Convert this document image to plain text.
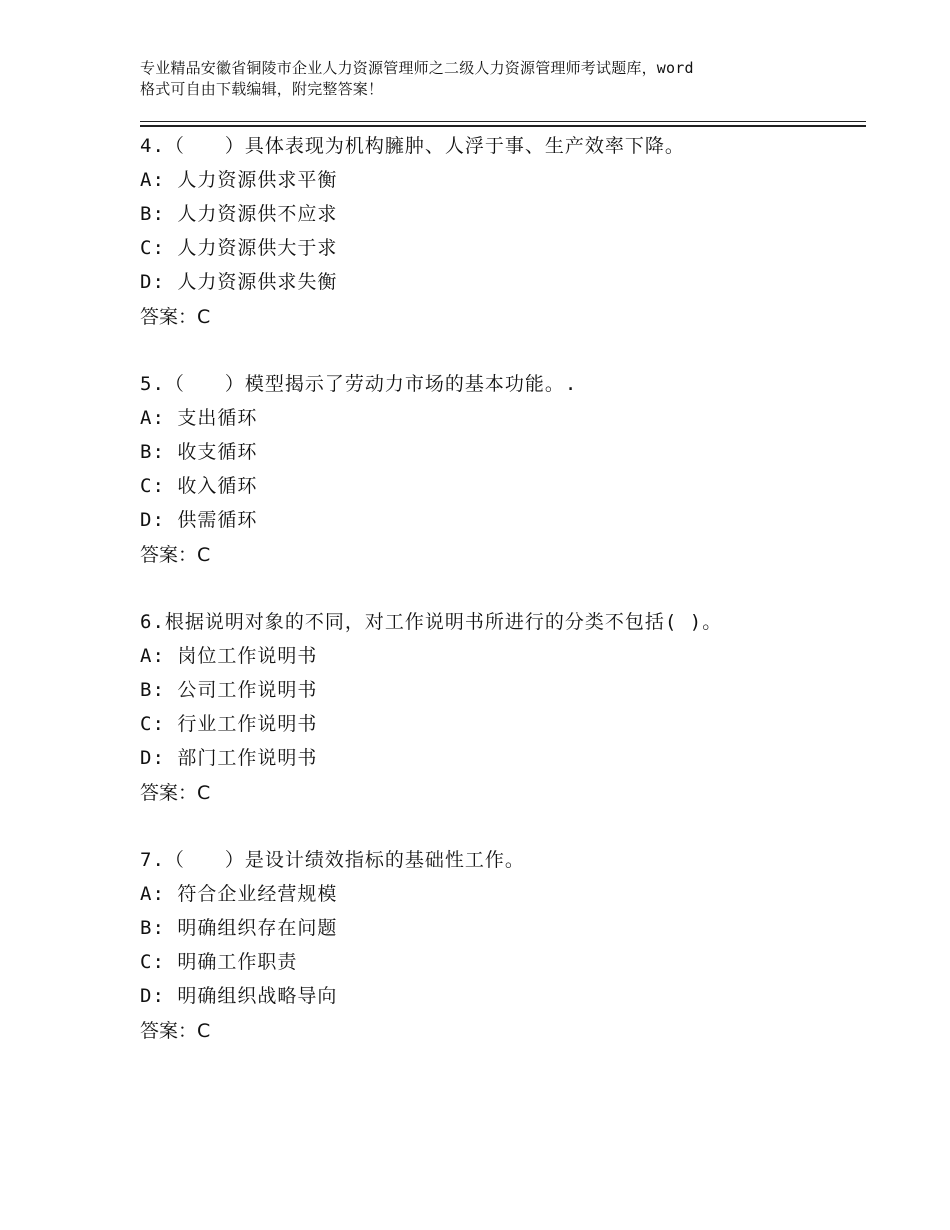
专业精品安徽省铜陵市企业人力资源管理师之二级人力资源管理师考试题库，word
格式可自由下载编辑，附完整答案！
4.（　　）具体表现为机构臃肿、人浮于事、生产效率下降。
A: 人力资源供求平衡
B: 人力资源供不应求
C: 人力资源供大于求
D: 人力资源供求失衡
答案：C
5.（　　）模型揭示了劳动力市场的基本功能。.
A: 支出循环
B: 收支循环
C: 收入循环
D: 供需循环
答案：C
6.根据说明对象的不同，对工作说明书所进行的分类不包括( )。
A: 岗位工作说明书
B: 公司工作说明书
C: 行业工作说明书
D: 部门工作说明书
答案：C
7.（　　）是设计绩效指标的基础性工作。
A: 符合企业经营规模
B: 明确组织存在问题
C: 明确工作职责
D: 明确组织战略导向
答案：C
